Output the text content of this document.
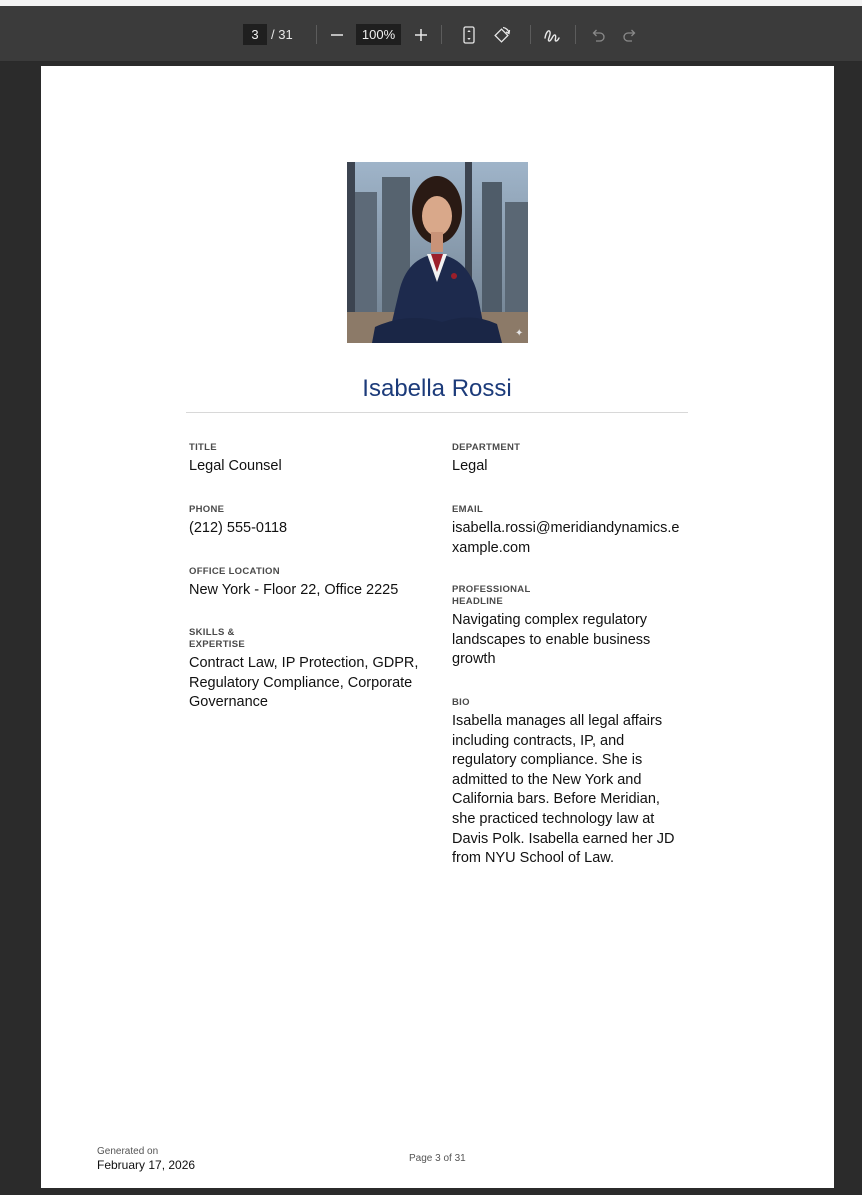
3 / 31	100%
✦
Isabella Rossi
TITLE
Legal Counsel
PHONE
(212) 555-0118
OFFICE LOCATION
New York - Floor 22, Office 2225
SKILLS & EXPERTISE
Contract Law, IP Protection, GDPR, Regulatory Compliance, Corporate Governance
DEPARTMENT
Legal
EMAIL
isabella.rossi@meridiandynamics.example.com
PROFESSIONAL HEADLINE
Navigating complex regulatory landscapes to enable business growth
BIO
Isabella manages all legal affairs including contracts, IP, and regulatory compliance. She is admitted to the New York and California bars. Before Meridian, she practiced technology law at Davis Polk. Isabella earned her JD from NYU School of Law.
Generated on
February 17, 2026	Page 3 of 31
